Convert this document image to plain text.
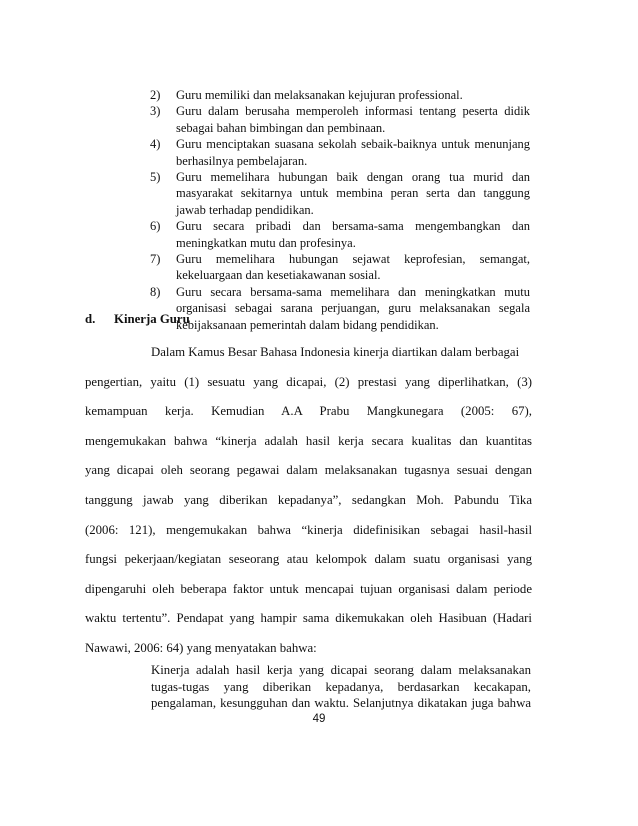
2)	Guru memiliki dan melaksanakan kejujuran professional.
3)	Guru dalam berusaha memperoleh informasi tentang peserta didik sebagai bahan bimbingan dan pembinaan.
4)	Guru menciptakan suasana sekolah sebaik-baiknya untuk menunjang berhasilnya pembelajaran.
5)	Guru memelihara hubungan baik dengan orang tua murid dan masyarakat sekitarnya untuk membina peran serta dan tanggung jawab terhadap pendidikan.
6)	Guru secara pribadi dan bersama-sama mengembangkan dan meningkatkan mutu dan profesinya.
7)	Guru memelihara hubungan sejawat keprofesian, semangat, kekeluargaan dan kesetiakawanan sosial.
8)	Guru secara bersama-sama memelihara dan meningkatkan mutu organisasi sebagai sarana perjuangan, guru melaksanakan segala kebijaksanaan pemerintah dalam bidang pendidikan.
d. Kinerja Guru
Dalam Kamus Besar Bahasa Indonesia kinerja diartikan dalam berbagai
pengertian, yaitu (1) sesuatu yang dicapai, (2) prestasi yang diperlihatkan, (3)
kemampuan kerja. Kemudian A.A Prabu Mangkunegara (2005: 67),
mengemukakan bahwa “kinerja adalah hasil kerja secara kualitas dan kuantitas
yang dicapai oleh seorang pegawai dalam melaksanakan tugasnya sesuai dengan
tanggung jawab yang diberikan kepadanya”, sedangkan Moh. Pabundu Tika
(2006: 121), mengemukakan bahwa “kinerja didefinisikan sebagai hasil-hasil
fungsi pekerjaan/kegiatan seseorang atau kelompok dalam suatu organisasi yang
dipengaruhi oleh beberapa faktor untuk mencapai tujuan organisasi dalam periode
waktu tertentu”. Pendapat yang hampir sama dikemukakan oleh Hasibuan (Hadari
Nawawi, 2006: 64) yang menyatakan bahwa:
Kinerja adalah hasil kerja yang dicapai seorang dalam melaksanakan
tugas-tugas yang diberikan kepadanya, berdasarkan kecakapan,
pengalaman, kesungguhan dan waktu. Selanjutnya dikatakan juga bahwa
49
